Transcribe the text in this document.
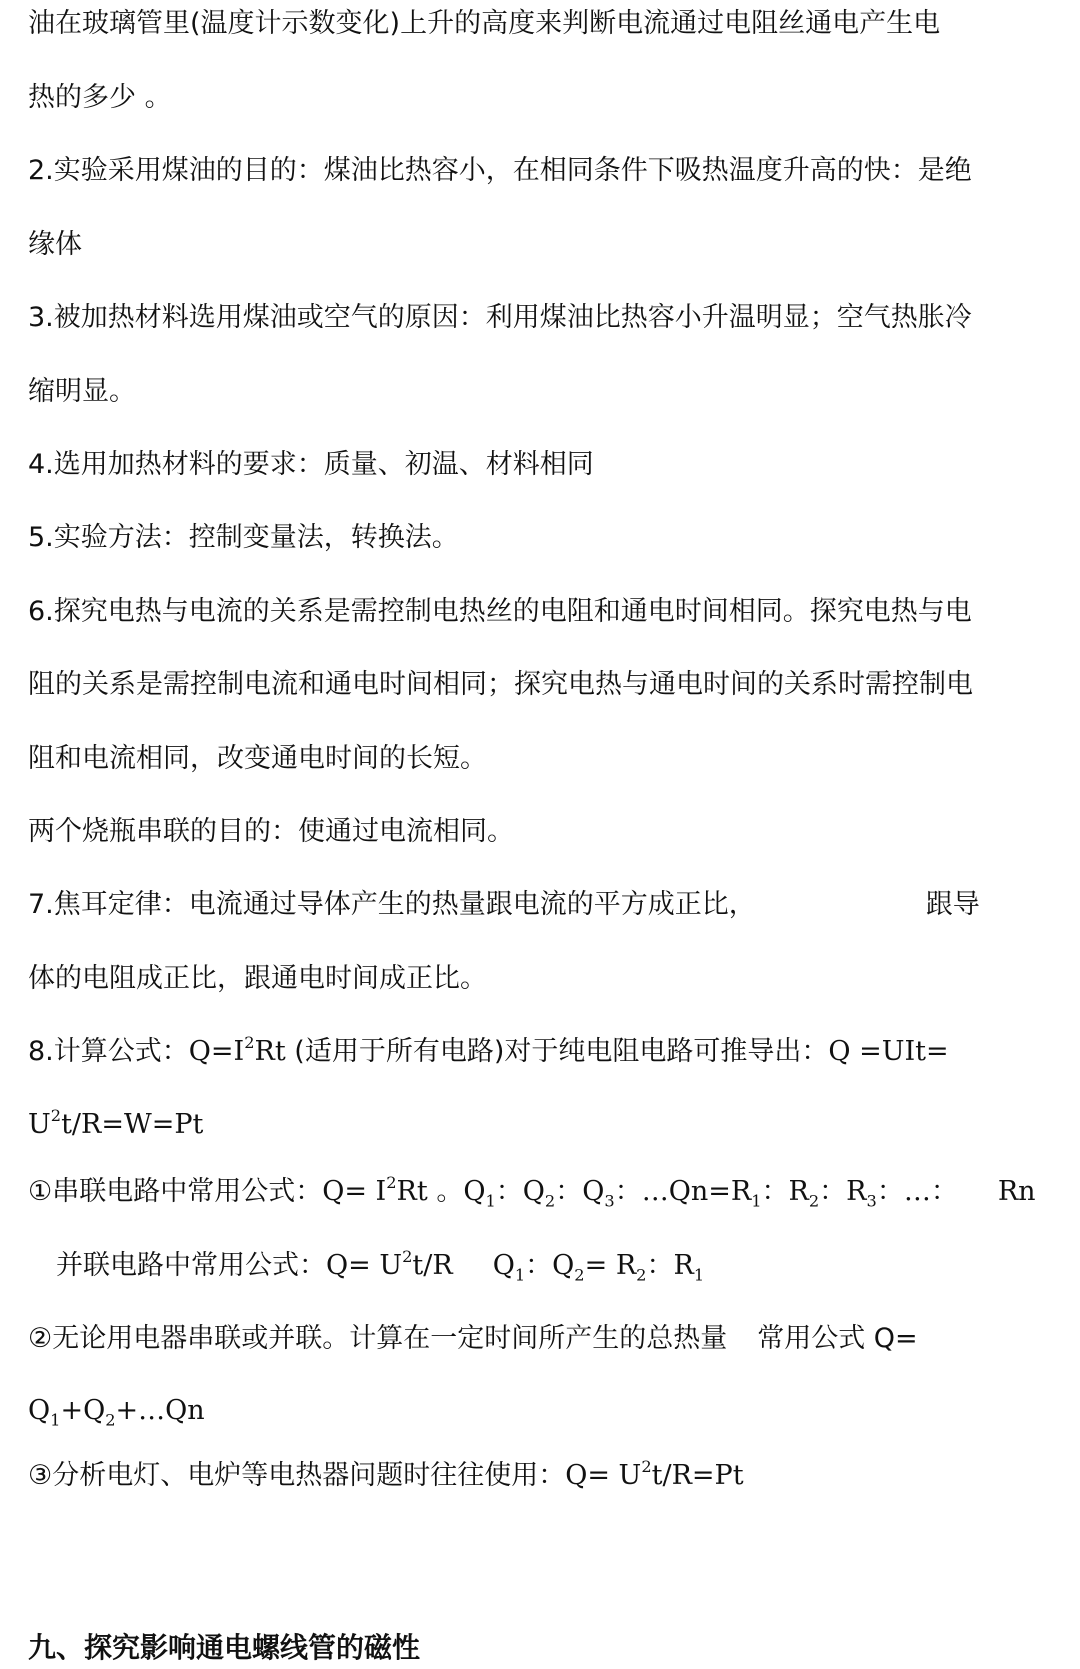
油在玻璃管里(温度计示数变化)上升的高度来判断电流通过电阻丝通电产生电

热的多少 。

2.实验采用煤油的目的：煤油比热容小，在相同条件下吸热温度升高的快：是绝

缘体

3.被加热材料选用煤油或空气的原因：利用煤油比热容小升温明显；空气热胀冷

缩明显。

4.选用加热材料的要求：质量、初温、材料相同

5.实验方法：控制变量法，转换法。

6.探究电热与电流的关系是需控制电热丝的电阻和通电时间相同。探究电热与电

阻的关系是需控制电流和通电时间相同；探究电热与通电时间的关系时需控制电

阻和电流相同，改变通电时间的长短。

两个烧瓶串联的目的：使通过电流相同。

7.焦耳定律：电流通过导体产生的热量跟电流的平方成正比，	跟导

体的电阻成正比，跟通电时间成正比。

8.计算公式：$Q=I^2Rt$ (适用于所有电路)对于纯电阻电路可推导出：Q =UIt=

$U^2t/R=W=Pt$

①串联电路中常用公式：$Q= I^2Rt$ 。$Q_1$：$Q_2$：$Q_3$：$\dots Qn=R_1$：$R_2$：$R_3$：…： Rn

并联电路中常用公式：$Q= U^2t/R$ $Q_1$：$Q_2= R_2$：$R_1$

②无论用电器串联或并联。计算在一定时间所产生的总热量 常用公式 Q=

$Q_1+Q_2+\dots Qn$

③分析电灯、电炉等电热器问题时往往使用：$Q= U^2t/R=Pt$

九、探究影响通电螺线管的磁性
